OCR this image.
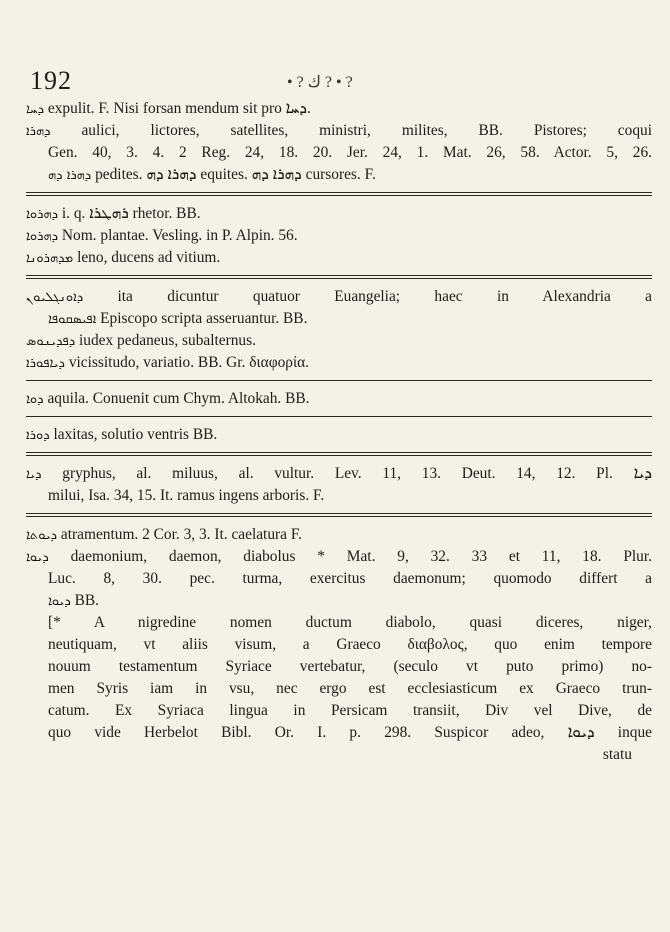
192	• ? ﻙ ? • ?
ܕܚܐ expulit. F. Nisi forsan mendum sit pro ܕܚܐ.
ܕܗܪܐ aulici, lictores, satellites, ministri, milites, BB. Pistores; coqui
Gen. 40, 3. 4. 2 Reg. 24, 18. 20. Jer. 24, 1. Mat. 26, 58. Actor. 5, 26.
ܕܗܪܐ ܕܗ pedites. ܕܗܪܐ ܕܗ equites. ܕܗܪܐ ܕܗ cursores. F.
ܕܗܪܘܐ i. q. ܪܗܛܪܐ rhetor. BB.
ܕܗܪܘܐ Nom. plantae. Vesling. in P. Alpin. 56.
ܡܕܗܪܘܢܐ leno, ducens ad vitium.
ܕܐܘܢܓܠܝܘܢ ita dicuntur quatuor Euangelia; haec in Alexandria a
ܐܦܝܣܩܘܦܐ Episcopo scripta asseruantur. BB.
ܕܦܕܝܢܘܣ iudex pedaneus, subalternus.
ܕܝܐܦܘܪܐ vicissitudo, variatio. BB. Gr. διαφορία.
ܕܘܐ aquila. Conuenit cum Chym. Altokah. BB.
ܕܘܪܐ laxitas, solutio ventris BB.
ܕܝܐ gryphus, al. miluus, al. vultur. Lev. 11, 13. Deut. 14, 12. Pl. ܕܝܐ
milui, Isa. 34, 15. It. ramus ingens arboris. F.
ܕܝܘܬܐ atramentum. 2 Cor. 3, 3. It. caelatura F.
ܕܝܘܐ daemonium, daemon, diabolus * Mat. 9, 32. 33 et 11, 18. Plur.
Luc. 8, 30. pec. turma, exercitus daemonum; quomodo differt a
ܕܝܘܐ BB.
[* A nigredine nomen ductum diabolo, quasi diceres, niger,
neutiquam, vt aliis visum, a Graeco διαβολος, quo enim tempore
nouum testamentum Syriace vertebatur, (seculo vt puto primo) no-
men Syris iam in vsu, nec ergo est ecclesiasticum ex Graeco trun-
catum. Ex Syriaca lingua in Persicam transiit, Div vel Dive, de
quo vide Herbelot Bibl. Or. I. p. 298. Suspicor adeo, ܕܝܘܐ inque
statu
